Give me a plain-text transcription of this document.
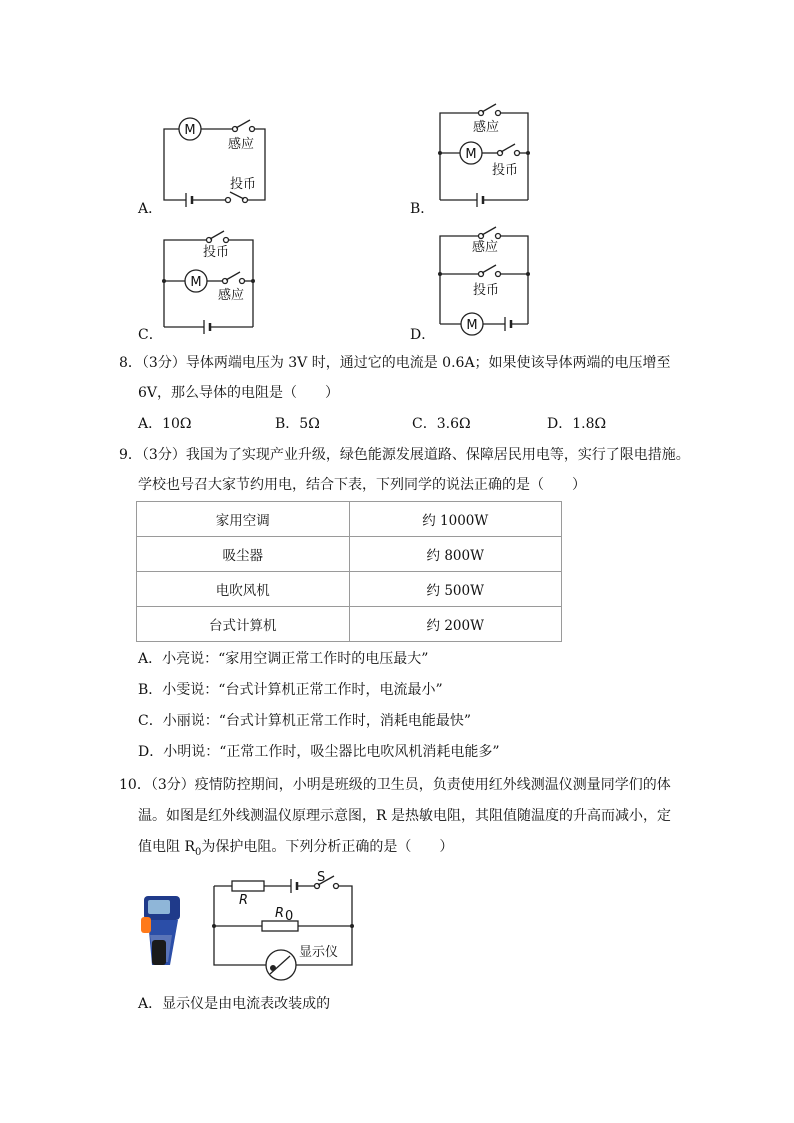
A．
M
感应
投币
B．
M
感应
投币
C．
M
投币
感应
D．
M
感应
投币
8．（3分）导体两端电压为 3V 时，通过它的电流是 0.6A；如果使该导体两端的电压增至
6V，那么导体的电阻是（　　）
A．10Ω	B．5Ω	C．3.6Ω	D．1.8Ω
9．（3分）我国为了实现产业升级，绿色能源发展道路、保障居民用电等，实行了限电措施。
学校也号召大家节约用电，结合下表，下列同学的说法正确的是（　　）
家用空调	约 1000W
吸尘器	约 800W
电吹风机	约 500W
台式计算机	约 200W
A．小亮说：“家用空调正常工作时的电压最大”
B．小雯说：“台式计算机正常工作时，电流最小”
C．小丽说：“台式计算机正常工作时，消耗电能最快”
D．小明说：“正常工作时，吸尘器比电吹风机消耗电能多”
10．（3分）疫情防控期间，小明是班级的卫生员，负责使用红外线测温仪测量同学们的体
温。如图是红外线测温仪原理示意图，R 是热敏电阻，其阻值随温度的升高而减小，定
值电阻 $R_0$为保护电阻。下列分析正确的是（　　）
R
R 0
S
显示仪
A．显示仪是由电流表改装成的
